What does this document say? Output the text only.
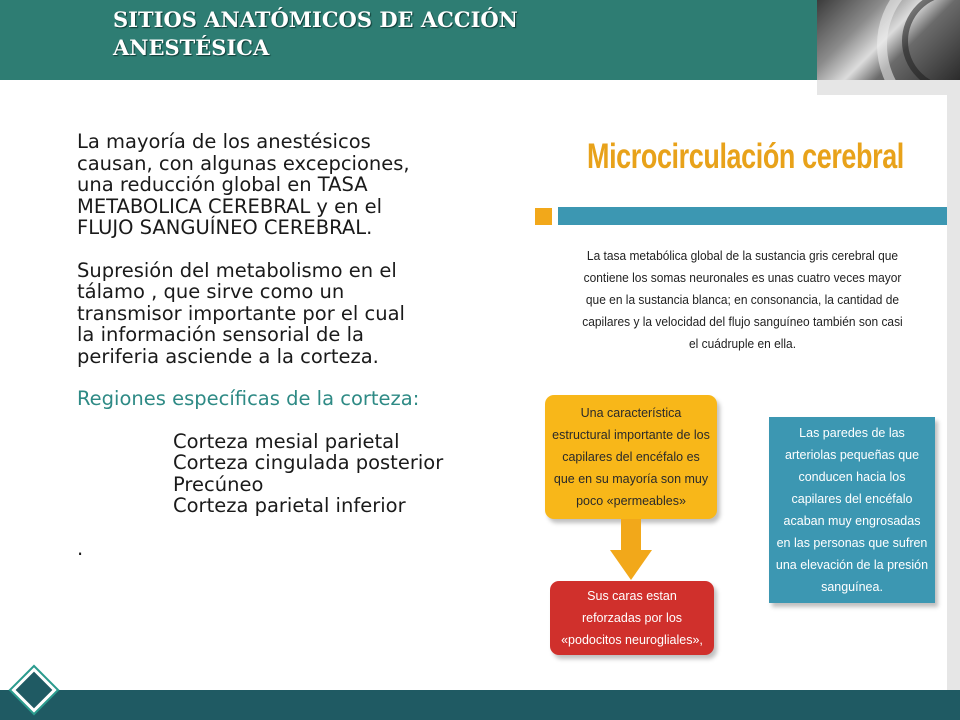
SITIOS ANATÓMICOS DE ACCIÓN
ANESTÉSICA

La mayoría de los anestésicos

causan, con algunas excepciones,

una reducción global en TASA

METABOLICA CEREBRAL y en el

FLUJO SANGUÍNEO CEREBRAL.

Supresión del metabolismo en el

tálamo , que sirve como un

transmisor importante por el cual

la información sensorial de la

periferia asciende a la corteza.

Regiones específicas de la corteza:

Corteza mesial parietal

Corteza cingulada posterior

Precúneo

Corteza parietal inferior

.

Microcirculación cerebral
La tasa metabólica global de la sustancia gris cerebral que contiene los somas neuronales es unas cuatro veces mayor que en la sustancia blanca; en consonancia, la cantidad de capilares y la velocidad del flujo sanguíneo también son casi el cuádruple en ella.
Una característica estructural importante de los capilares del encéfalo es que en su mayoría son muy poco «permeables»
Sus caras estan reforzadas por los «podocitos neurogliales»,
Las paredes de las arteriolas pequeñas que conducen hacia los capilares del encéfalo acaban muy engrosadas en las personas que sufren una elevación de la presión sanguínea.
